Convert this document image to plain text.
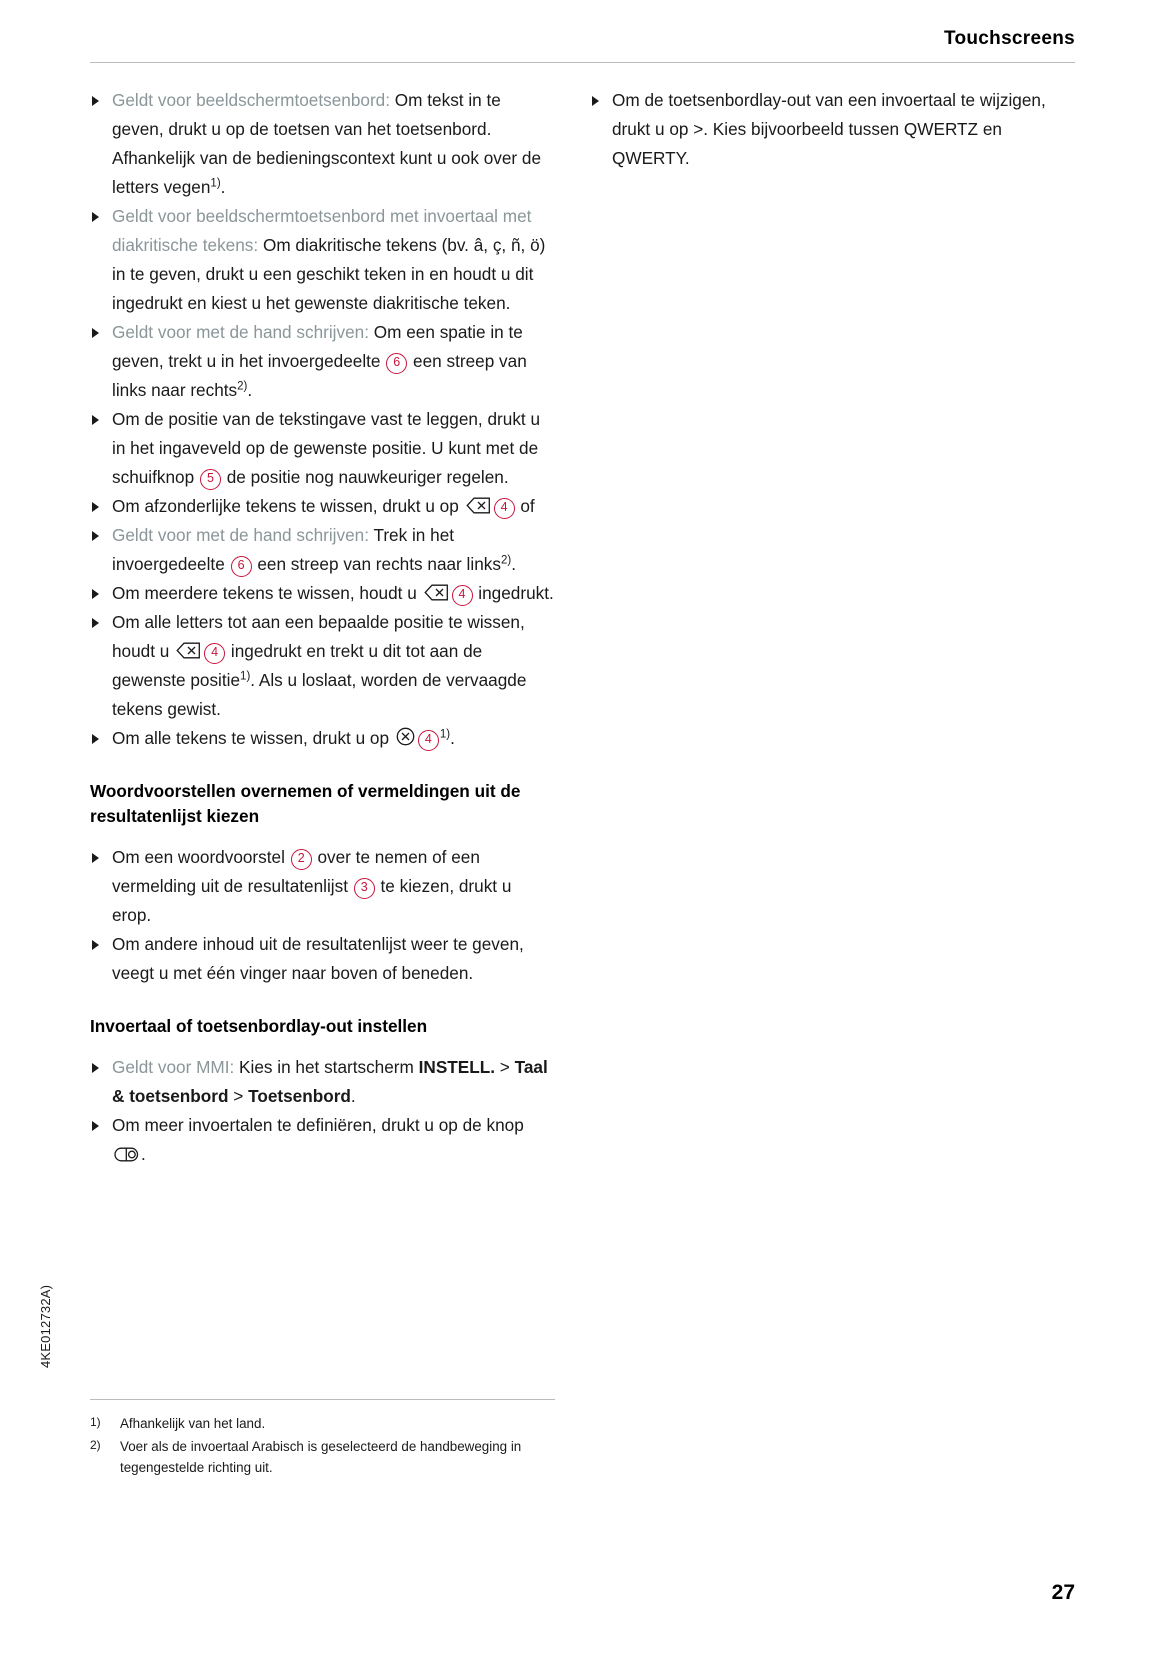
Touchscreens
Geldt voor beeldschermtoetsenbord: Om tekst in te geven, drukt u op de toetsen van het toetsenbord. Afhankelijk van de bedieningscontext kunt u ook over de letters vegen$^{1)}$.
Geldt voor beeldschermtoetsenbord met invoertaal met diakritische tekens: Om diakritische tekens (bv. â, ç, ñ, ö) in te geven, drukt u een geschikt teken in en houdt u dit ingedrukt en kiest u het gewenste diakritische teken.
Geldt voor met de hand schrijven: Om een spatie in te geven, trekt u in het invoergedeelte 6 een streep van links naar rechts$^{2)}$.
Om de positie van de tekstingave vast te leggen, drukt u in het ingaveveld op de gewenste positie. U kunt met de schuifknop 5 de positie nog nauwkeuriger regelen.
Om afzonderlijke tekens te wissen, drukt u op	4 of
Geldt voor met de hand schrijven: Trek in het invoergedeelte 6 een streep van rechts naar links$^{2)}$.
Om meerdere tekens te wissen, houdt u	4 ingedrukt.
Om alle letters tot aan een bepaalde positie te wissen, houdt u	4 ingedrukt en trekt u dit tot aan de gewenste positie$^{1)}$. Als u loslaat, worden de vervaagde tekens gewist.
Om alle tekens te wissen, drukt u op
4 $^{1)}$.
Woordvoorstellen overnemen of vermeldingen uit de resultatenlijst kiezen
Om een woordvoorstel 2 over te nemen of een vermelding uit de resultatenlijst 3 te kiezen, drukt u erop.
Om andere inhoud uit de resultatenlijst weer te geven, veegt u met één vinger naar boven of beneden.
Invoertaal of toetsenbordlay-out instellen
Geldt voor MMI: Kies in het startscherm INSTELL. > Taal & toetsenbord > Toetsenbord.
Om meer invoertalen te definiëren, drukt u op de knop
.
Om de toetsenbordlay-out van een invoertaal te wijzigen, drukt u op >. Kies bijvoorbeeld tussen QWERTZ en QWERTY.
1) Afhankelijk van het land.
2) Voer als de invoertaal Arabisch is geselecteerd de handbeweging in tegengestelde richting uit.
4KE012732A)
27
